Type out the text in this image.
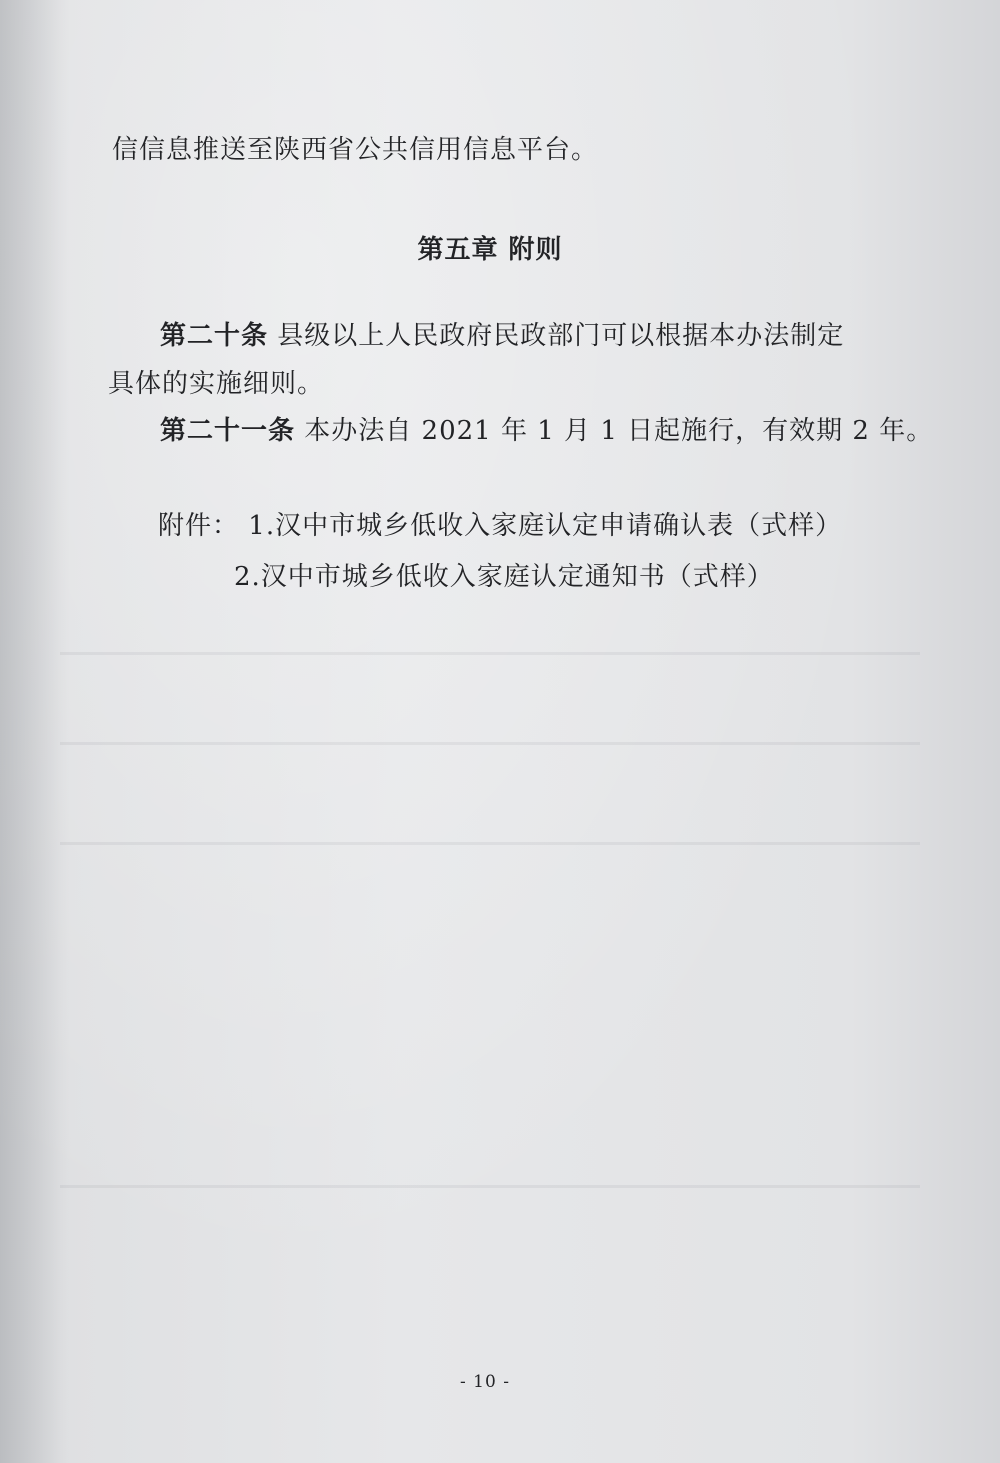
信信息推送至陕西省公共信用信息平台。
第五章 附则
第二十条 县级以上人民政府民政部门可以根据本办法制定
具体的实施细则。
第二十一条 本办法自 2021 年 1 月 1 日起施行，有效期 2 年。
附件： 1.汉中市城乡低收入家庭认定申请确认表（式样）
2.汉中市城乡低收入家庭认定通知书（式样）
- 10 -
